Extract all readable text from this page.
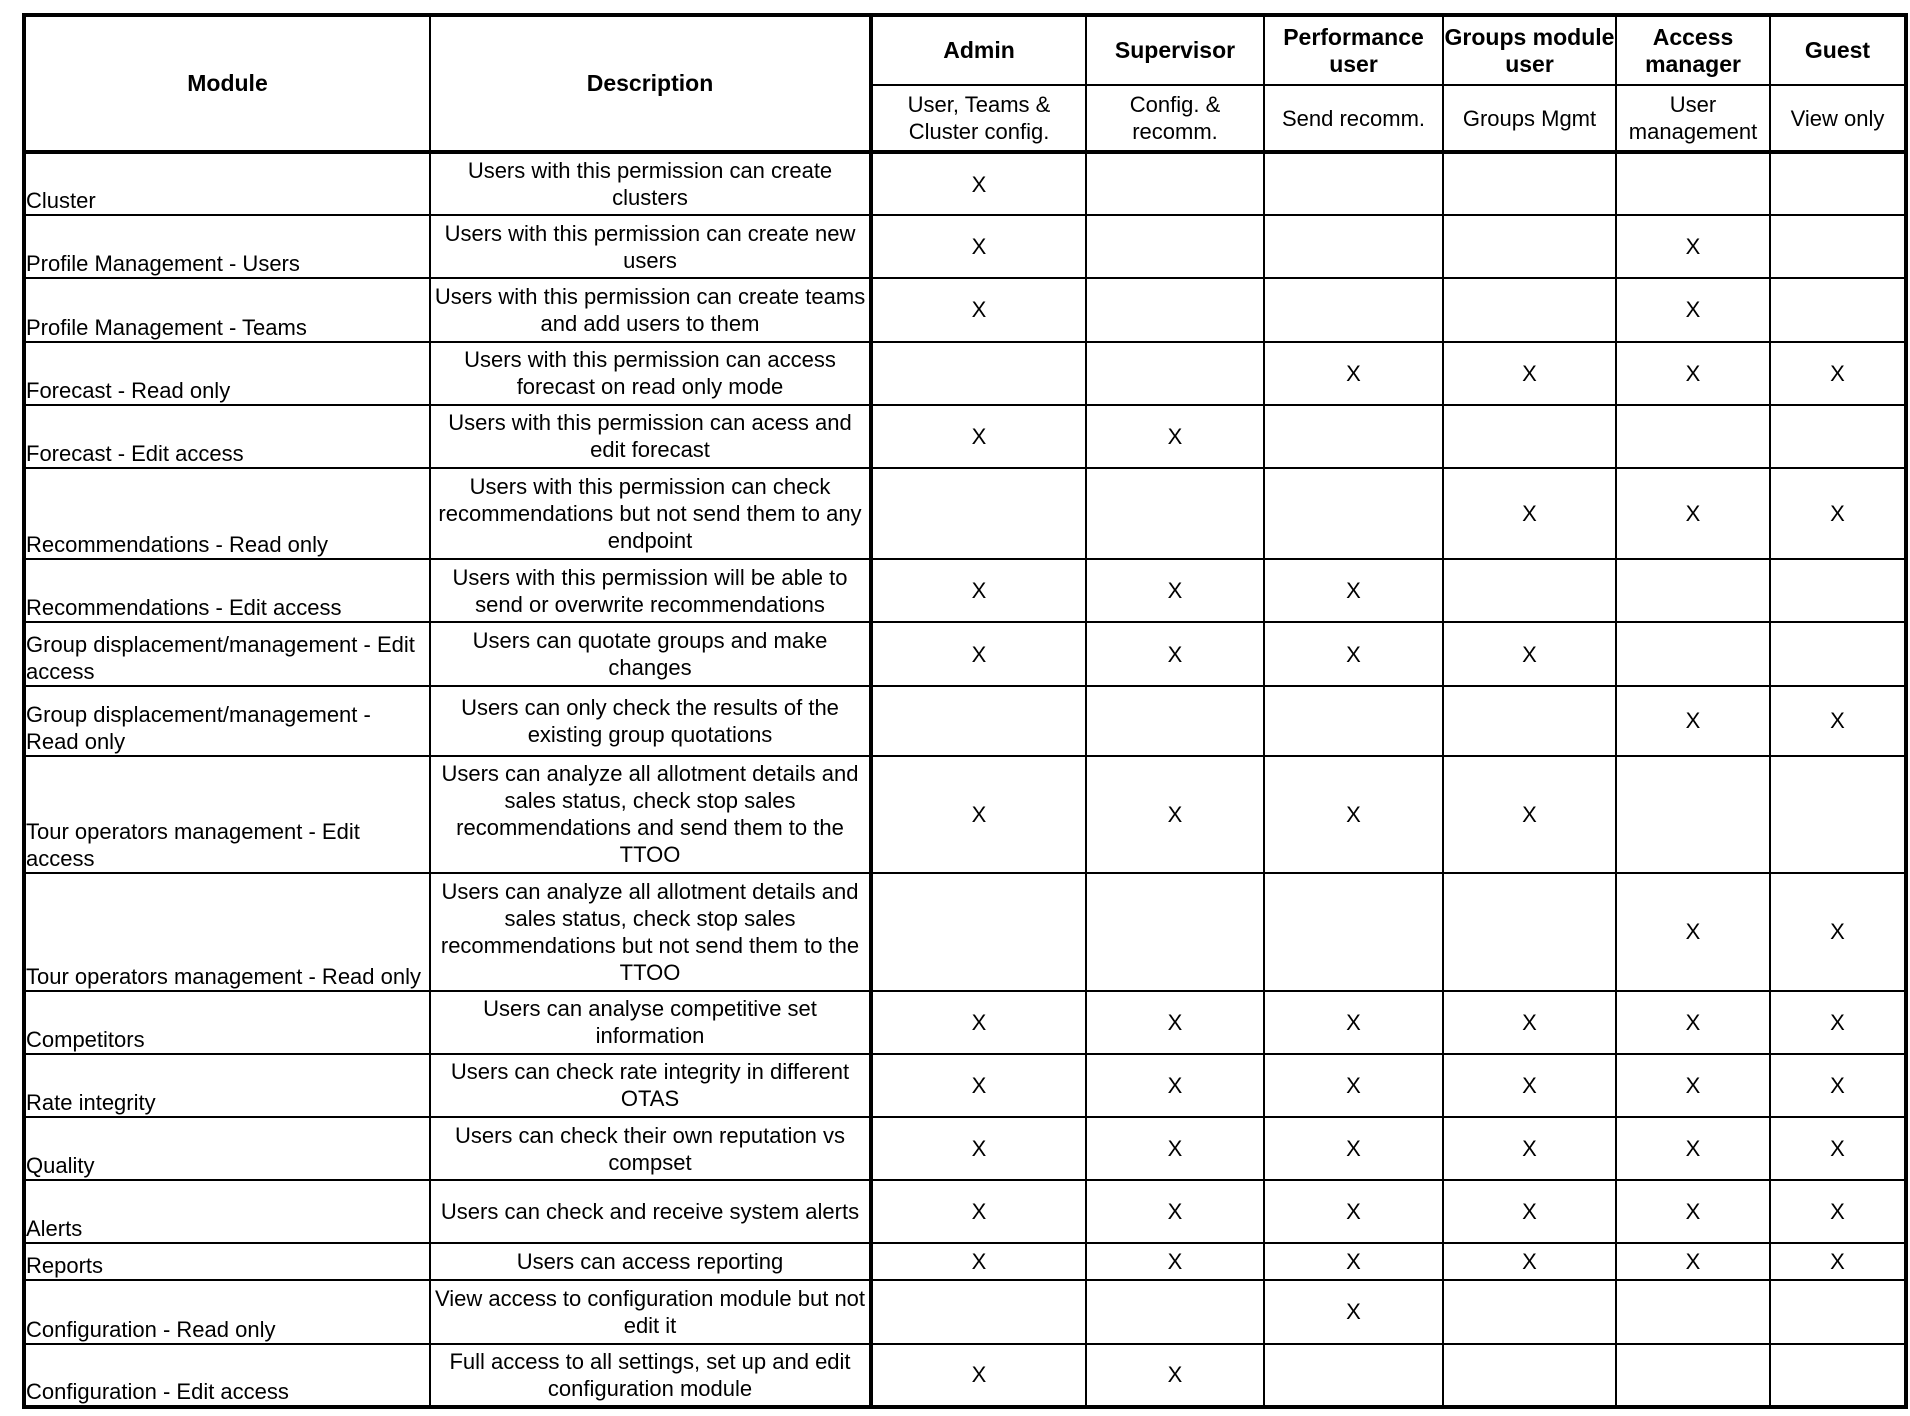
Module	Description	Admin	Supervisor	Performance user	Groups module user	Access manager	Guest
		User, Teams & Cluster config.	Config. & recomm.	Send recomm.	Groups Mgmt	User management	View only
Cluster	Users with this permission can create clusters	X					
Profile Management - Users	Users with this permission can create new users	X				X	
Profile Management - Teams	Users with this permission can create teams and add users to them	X				X	
Forecast - Read only	Users with this permission can access forecast on read only mode			X	X	X	X
Forecast - Edit access	Users with this permission can acess and edit forecast	X	X				
Recommendations - Read only	Users with this permission can check recommendations but not send them to any endpoint				X	X	X
Recommendations - Edit access	Users with this permission will be able to send or overwrite recommendations	X	X	X			
Group displacement/management - Edit access	Users can quotate groups and make changes	X	X	X	X		
Group displacement/management - Read only	Users can only check the results of the existing group quotations					X	X
Tour operators management - Edit access	Users can analyze all allotment details and sales status, check stop sales recommendations and send them to the TTOO	X	X	X	X		
Tour operators management - Read only	Users can analyze all allotment details and sales status, check stop sales recommendations but not send them to the TTOO					X	X
Competitors	Users can analyse competitive set information	X	X	X	X	X	X
Rate integrity	Users can check rate integrity in different OTAS	X	X	X	X	X	X
Quality	Users can check their own reputation vs compset	X	X	X	X	X	X
Alerts	Users can check and receive system alerts	X	X	X	X	X	X
Reports	Users can access reporting	X	X	X	X	X	X
Configuration - Read only	View access to configuration module but not edit it			X			
Configuration - Edit access	Full access to all settings, set up and edit configuration module	X	X				
